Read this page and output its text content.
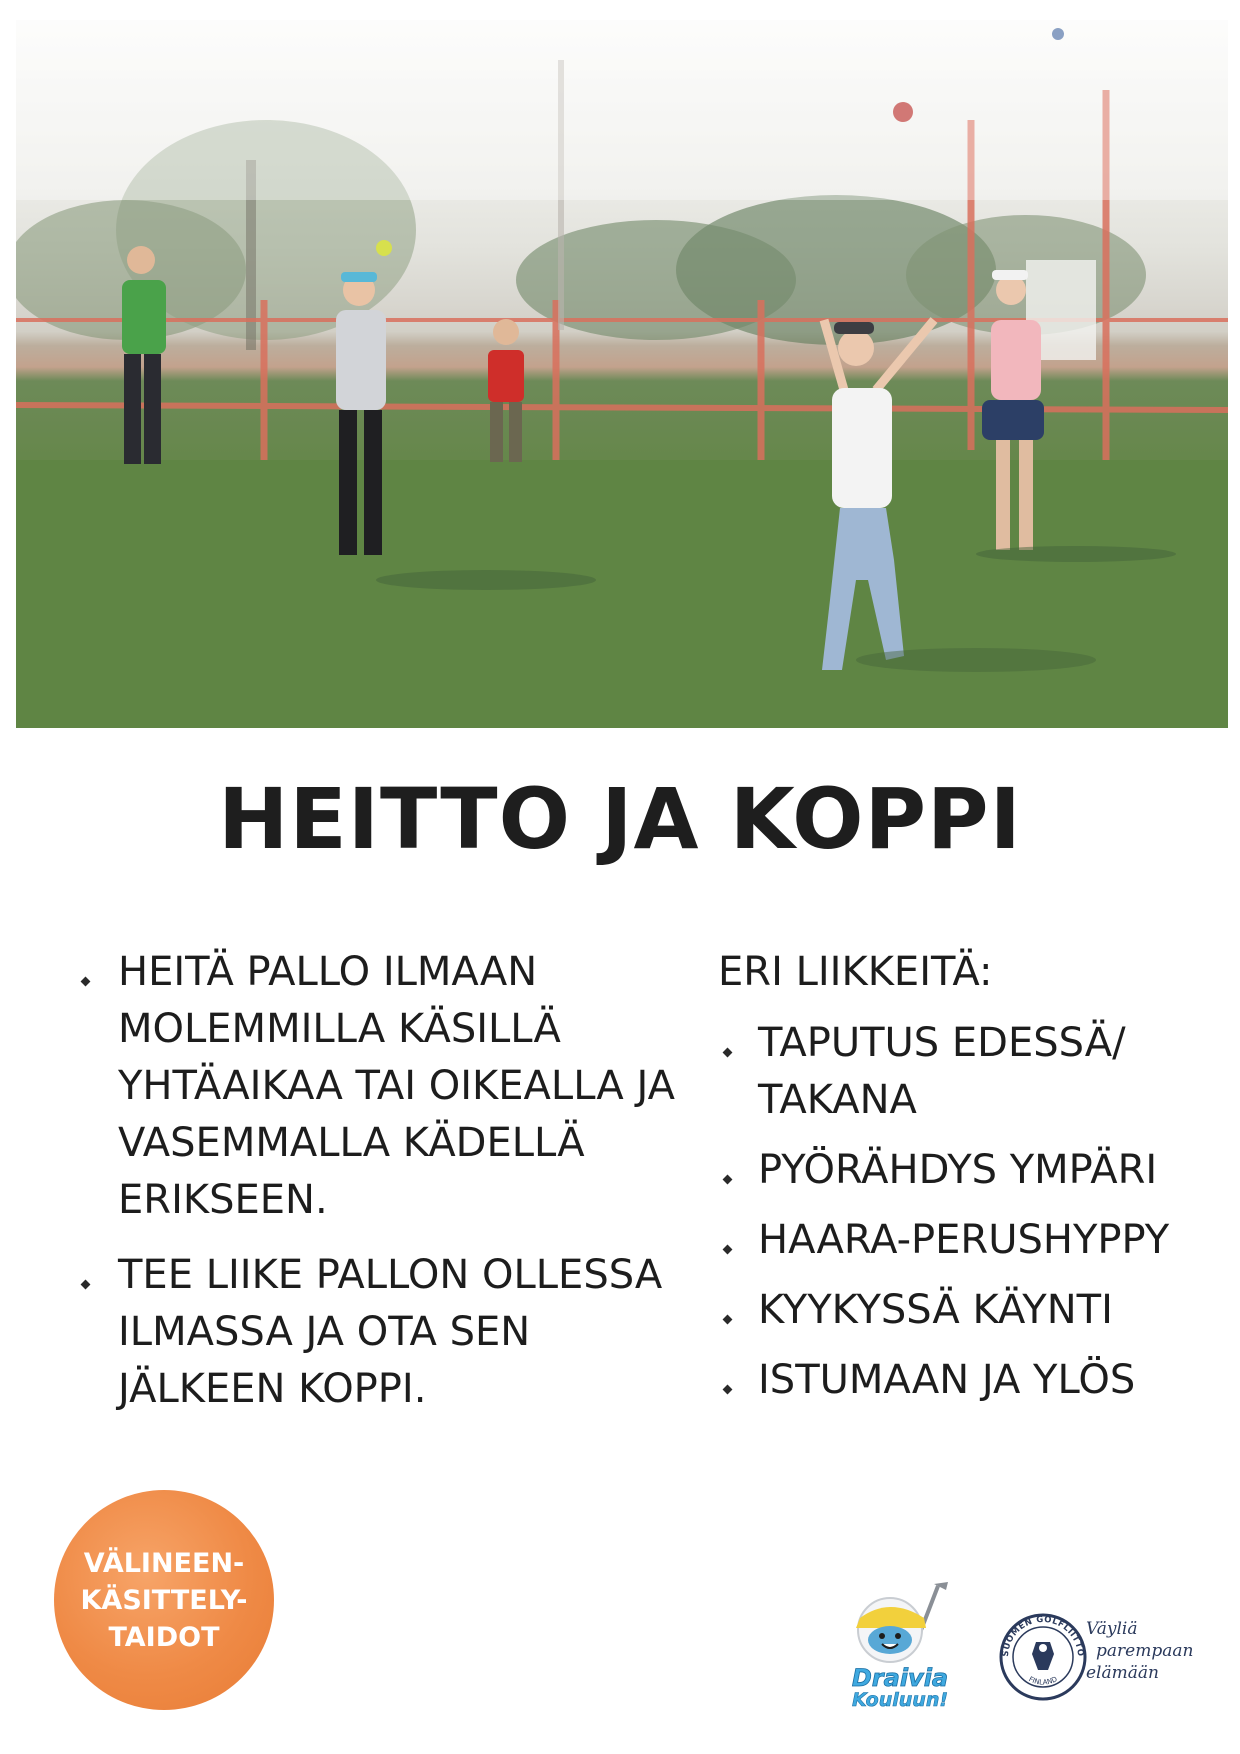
HEITTO JA KOPPI
HEITÄ PALLO ILMAAN MOLEMMILLA KÄSILLÄ YHTÄAIKAA TAI OIKEALLA JA VASEMMALLA KÄDELLÄ ERIKSEEN.
TEE LIIKE PALLON OLLESSA ILMASSA JA OTA SEN JÄLKEEN KOPPI.

ERI LIIKKEITÄ:

TAPUTUS EDESSÄ/ TAKANA
PYÖRÄHDYS YMPÄRI
HAARA-PERUSHYPPY
KYYKYSSÄ KÄYNTI
ISTUMAAN JA YLÖS
VÄLINEEN-
KÄSITTELY-
TAIDOT
Draivia
Kouluun!
SUOMEN GOLFLIITTO
FINLAND
Väyliä
parempaan
elämään
